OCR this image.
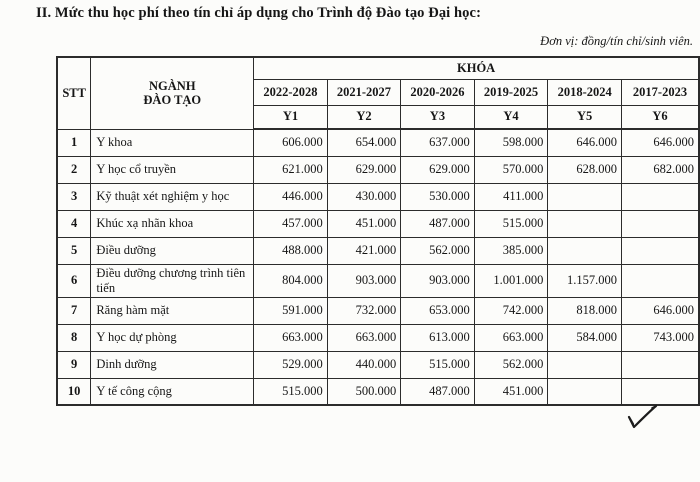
II. Mức thu học phí theo tín chỉ áp dụng cho Trình độ Đào tạo Đại học:
Đơn vị: đồng/tín chỉ/sinh viên.
STT	NGÀNH
ĐÀO TẠO	KHÓA					
		2022-2028	2021-2027	2020-2026	2019-2025	2018-2024	2017-2023
		Y1	Y2	Y3	Y4	Y5	Y6
1	Y khoa	606.000	654.000	637.000	598.000	646.000	646.000
2	Y học cổ truyền	621.000	629.000	629.000	570.000	628.000	682.000
3	Kỹ thuật xét nghiệm y học	446.000	430.000	530.000	411.000		
4	Khúc xạ nhãn khoa	457.000	451.000	487.000	515.000		
5	Điều dưỡng	488.000	421.000	562.000	385.000		
6	Điều dưỡng chương trình tiên tiến	804.000	903.000	903.000	1.001.000	1.157.000	
7	Răng hàm mặt	591.000	732.000	653.000	742.000	818.000	646.000
8	Y học dự phòng	663.000	663.000	613.000	663.000	584.000	743.000
9	Dinh dưỡng	529.000	440.000	515.000	562.000		
10	Y tế công cộng	515.000	500.000	487.000	451.000		
